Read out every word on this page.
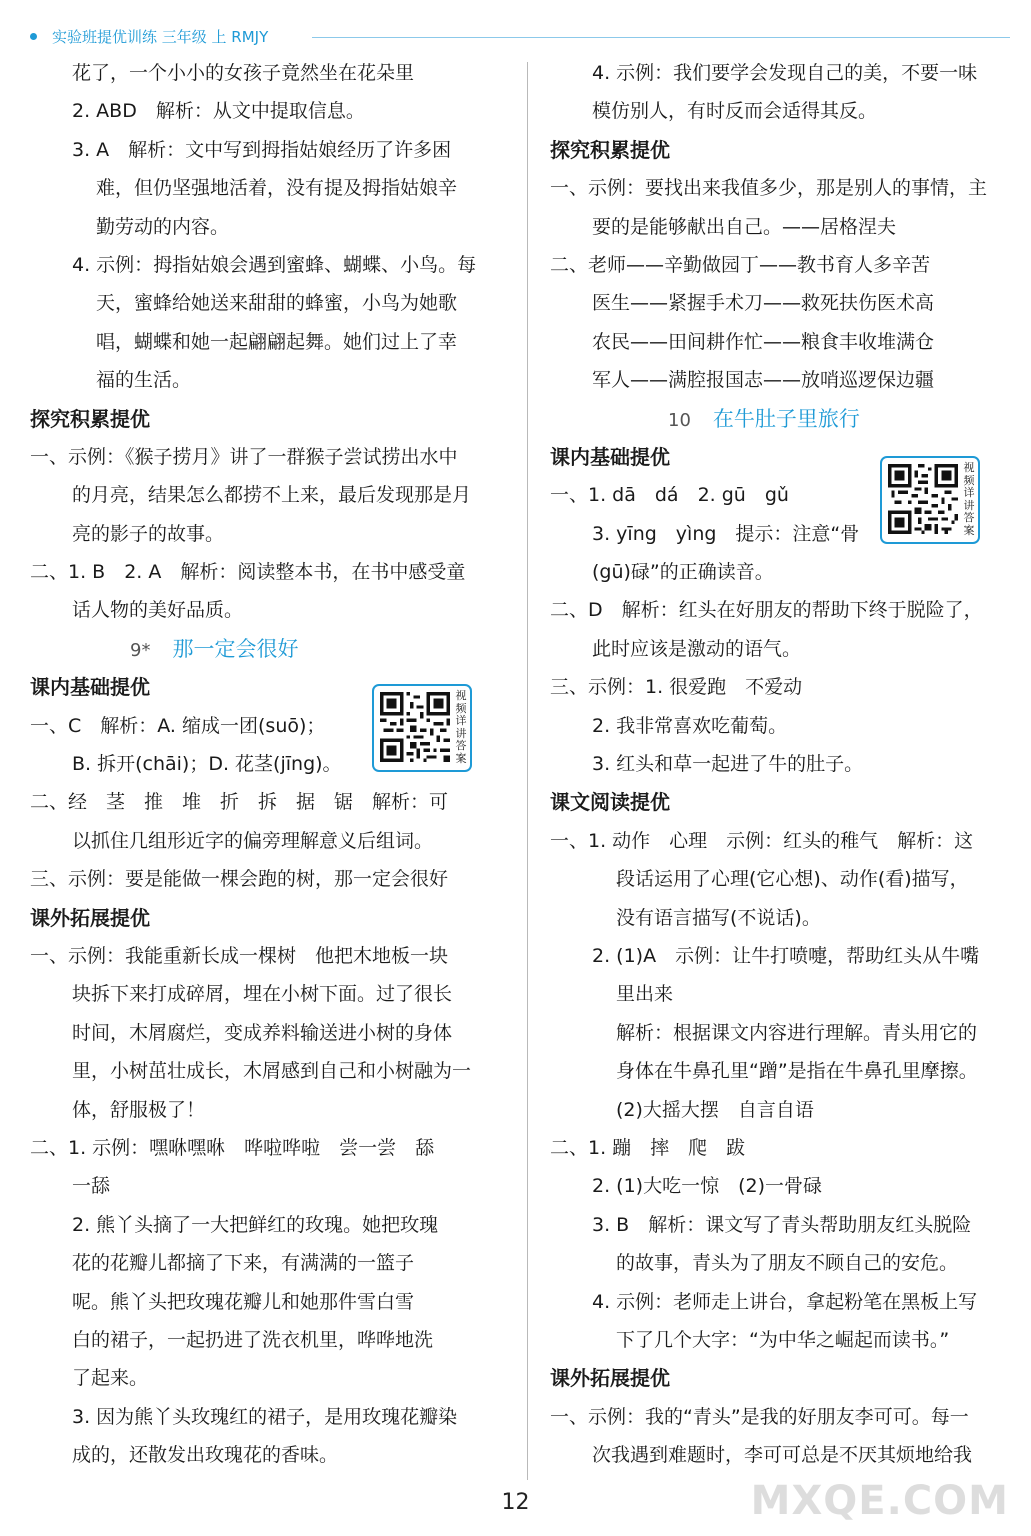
实验班提优训练 三年级 上 RMJY
花了，一个小小的女孩子竟然坐在花朵里
2. ABD　解析：从文中提取信息。
3. A　解析：文中写到拇指姑娘经历了许多困
难，但仍坚强地活着，没有提及拇指姑娘辛
勤劳动的内容。
4. 示例：拇指姑娘会遇到蜜蜂、蝴蝶、小鸟。每
天，蜜蜂给她送来甜甜的蜂蜜，小鸟为她歌
唱，蝴蝶和她一起翩翩起舞。她们过上了幸
福的生活。
探究积累提优
一、示例：《猴子捞月》讲了一群猴子尝试捞出水中
的月亮，结果怎么都捞不上来，最后发现那是月
亮的影子的故事。
二、1. B　2. A　解析：阅读整本书，在书中感受童
话人物的美好品质。
9* 那一定会很好
课内基础提优
一、C　解析：A. 缩成一团(suō)；
B. 拆开(chāi)；D. 花茎(jīng)。
二、经　茎　推　堆　折　拆　据　锯　解析：可
以抓住几组形近字的偏旁理解意义后组词。
三、示例：要是能做一棵会跑的树，那一定会很好
课外拓展提优
一、示例：我能重新长成一棵树　他把木地板一块
块拆下来打成碎屑，埋在小树下面。过了很长
时间，木屑腐烂，变成养料输送进小树的身体
里，小树茁壮成长，木屑感到自己和小树融为一
体，舒服极了！
二、1. 示例：嘿咻嘿咻　哗啦哗啦　尝一尝　舔
一舔
2. 熊丫头摘了一大把鲜红的玫瑰。她把玫瑰
花的花瓣儿都摘了下来，有满满的一篮子
呢。熊丫头把玫瑰花瓣儿和她那件雪白雪
白的裙子，一起扔进了洗衣机里，哗哗地洗
了起来。
3. 因为熊丫头玫瑰红的裙子，是用玫瑰花瓣染
成的，还散发出玫瑰花的香味。
4. 示例：我们要学会发现自己的美，不要一味
模仿别人，有时反而会适得其反。
探究积累提优
一、示例：要找出来我值多少，那是别人的事情，主
要的是能够献出自己。——居格涅夫
二、老师——辛勤做园丁——教书育人多辛苦
医生——紧握手术刀——救死扶伤医术高
农民——田间耕作忙——粮食丰收堆满仓
军人——满腔报国志——放哨巡逻保边疆
10 在牛肚子里旅行
课内基础提优
一、1. dā　dá　2. gū　gǔ
3. yīng　yìng　提示：注意“骨
(gū)碌”的正确读音。
二、D　解析：红头在好朋友的帮助下终于脱险了，
此时应该是激动的语气。
三、示例：1. 很爱跑　不爱动
2. 我非常喜欢吃葡萄。
3. 红头和草一起进了牛的肚子。
课文阅读提优
一、1. 动作　心理　示例：红头的稚气　解析：这
段话运用了心理(它心想)、动作(看)描写，
没有语言描写(不说话)。
2. (1)A　示例：让牛打喷嚏，帮助红头从牛嘴
里出来
解析：根据课文内容进行理解。青头用它的
身体在牛鼻孔里“蹭”是指在牛鼻孔里摩擦。
(2)大摇大摆　自言自语
二、1. 蹦　摔　爬　跋
2. (1)大吃一惊　(2)一骨碌
3. B　解析：课文写了青头帮助朋友红头脱险
的故事，青头为了朋友不顾自己的安危。
4. 示例：老师走上讲台，拿起粉笔在黑板上写
下了几个大字：“为中华之崛起而读书。”
课外拓展提优
一、示例：我的“青头”是我的好朋友李可可。每一
次我遇到难题时，李可可总是不厌其烦地给我
视频详讲答案
视频详讲答案
12	MXQE.COM
